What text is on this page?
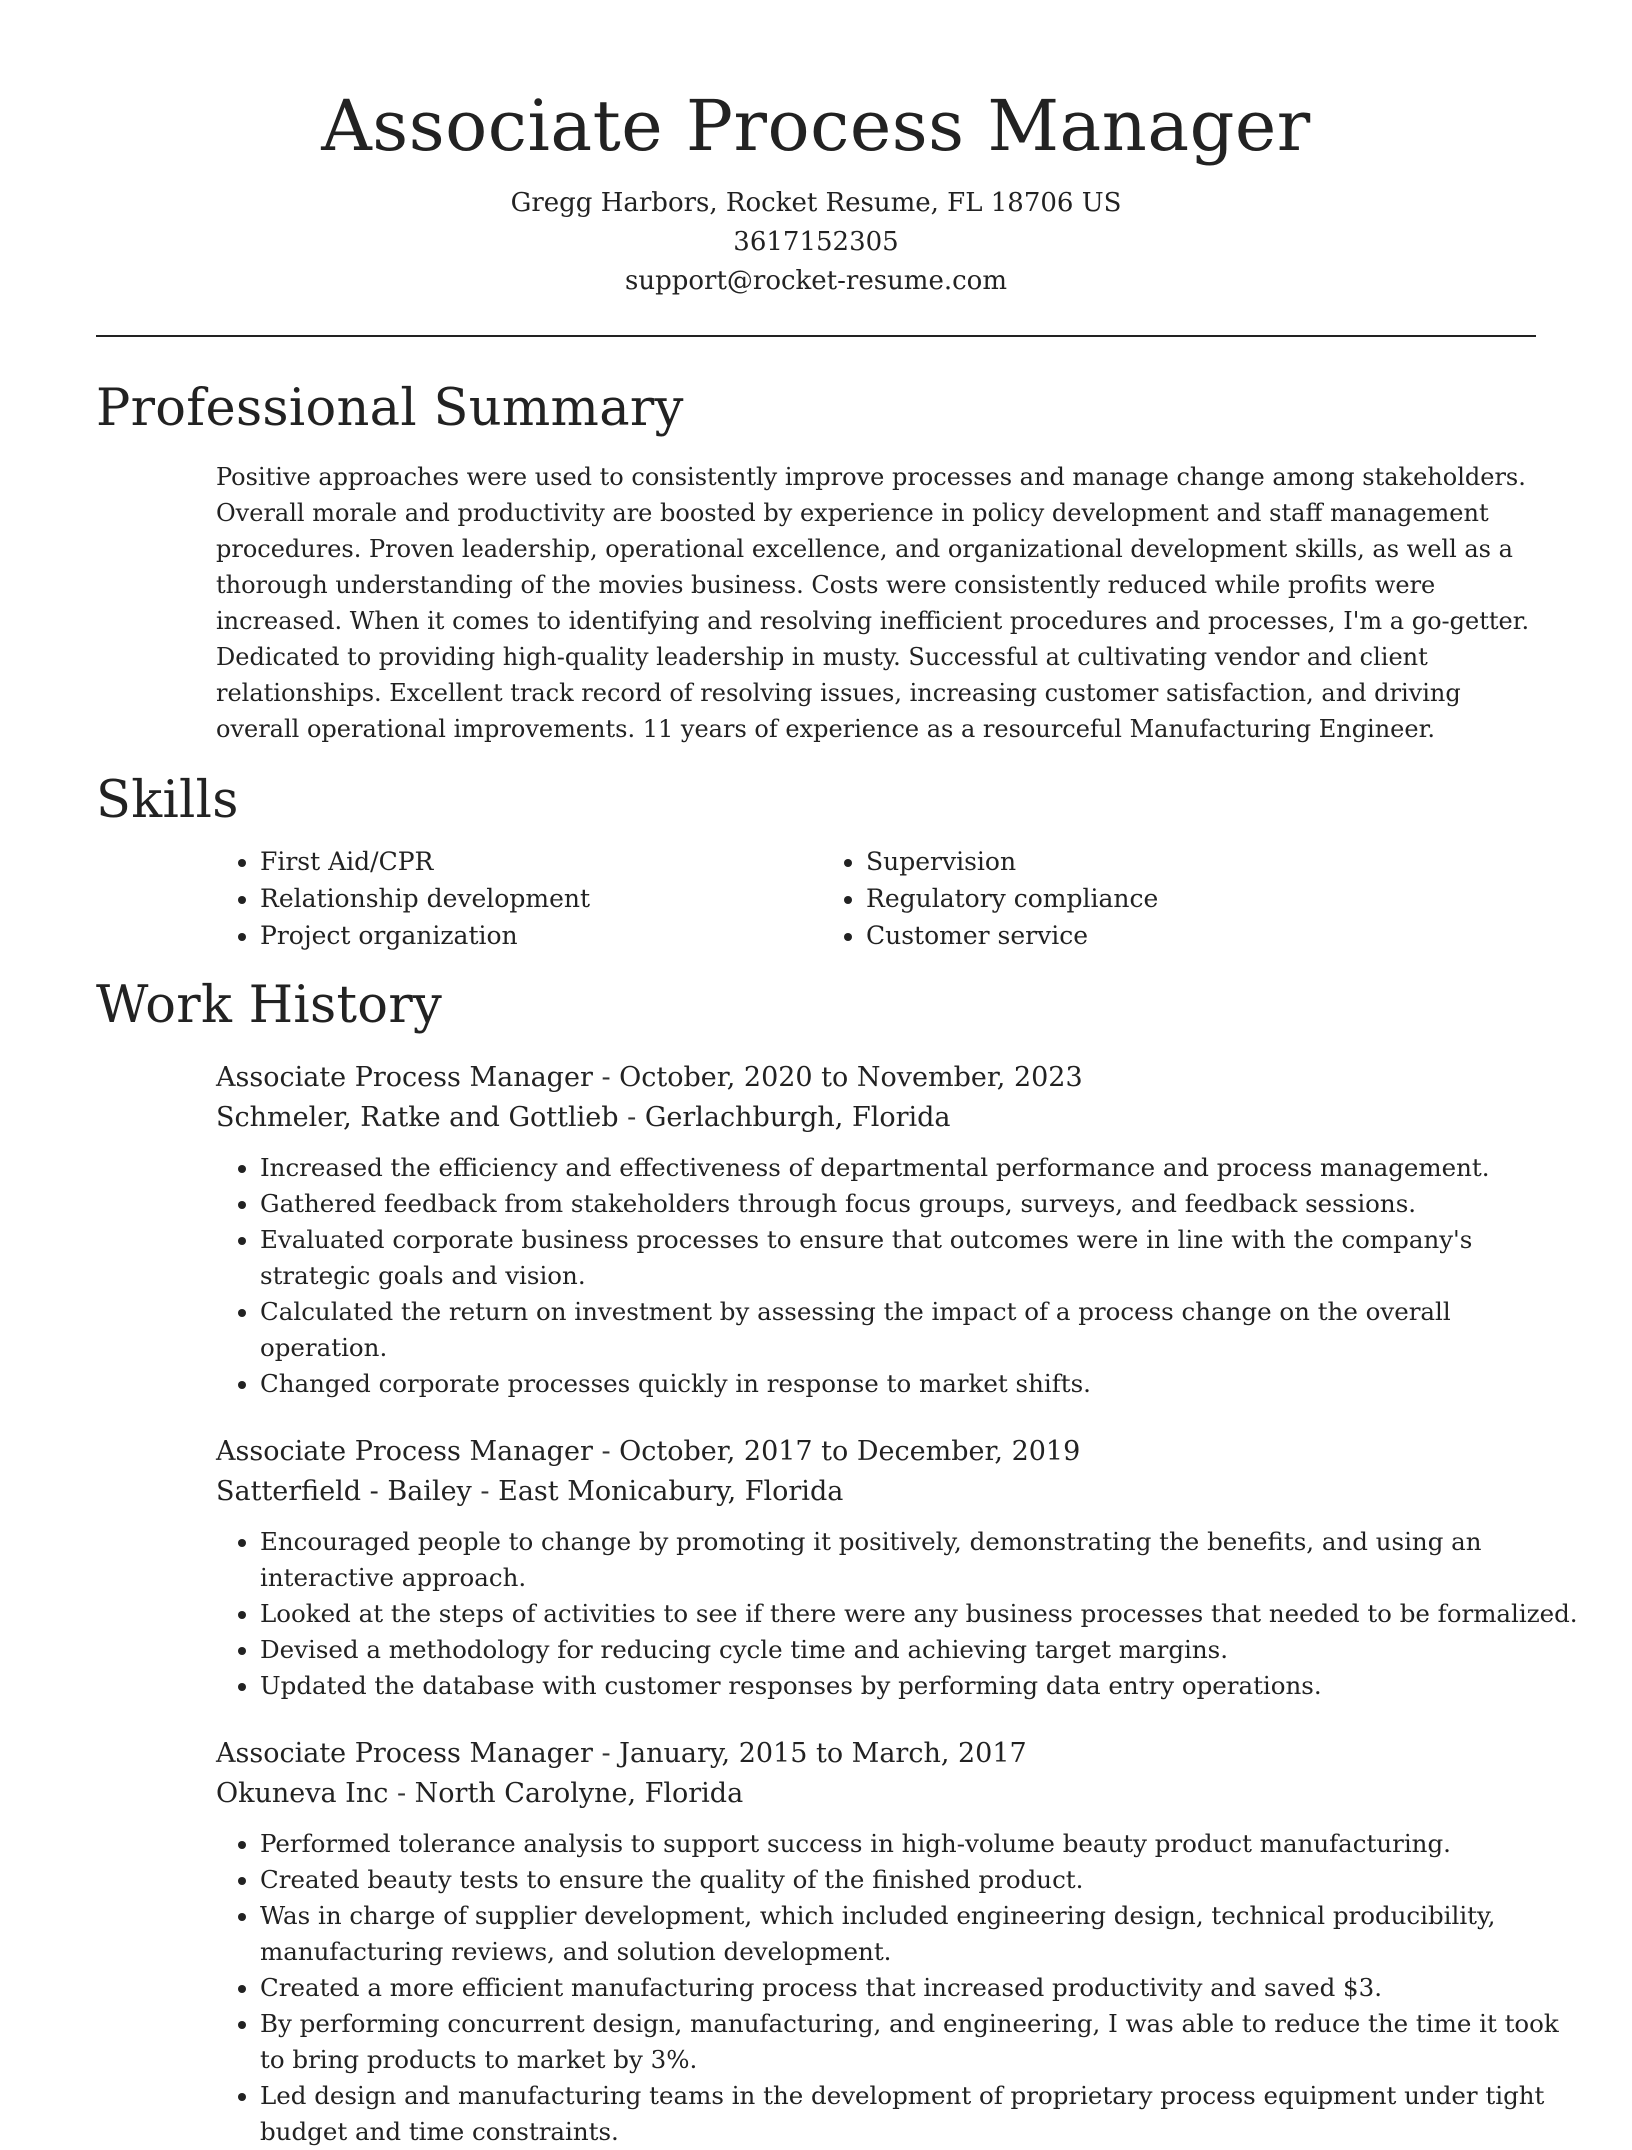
Associate Process Manager
Gregg Harbors, Rocket Resume, FL 18706 US
3617152305
support@rocket-resume.com
Professional Summary

Positive approaches were used to consistently improve processes and manage change among stakeholders. Overall morale and productivity are boosted by experience in policy development and staff management procedures. Proven leadership, operational excellence, and organizational development skills, as well as a thorough understanding of the movies business. Costs were consistently reduced while profits were increased. When it comes to identifying and resolving inefficient procedures and processes, I'm a go-getter. Dedicated to providing high-quality leadership in musty. Successful at cultivating vendor and client relationships. Excellent track record of resolving issues, increasing customer satisfaction, and driving overall operational improvements. 11 years of experience as a resourceful Manufacturing Engineer.

Skills
• First Aid/CPR
• Relationship development
• Project organization
• Supervision
• Regulatory compliance
• Customer service
Work History
Associate Process Manager - October, 2020 to November, 2023
Schmeler, Ratke and Gottlieb - Gerlachburgh, Florida
• Increased the efficiency and effectiveness of departmental performance and process management.
• Gathered feedback from stakeholders through focus groups, surveys, and feedback sessions.
• Evaluated corporate business processes to ensure that outcomes were in line with the company's strategic goals and vision.
• Calculated the return on investment by assessing the impact of a process change on the overall operation.
• Changed corporate processes quickly in response to market shifts.
Associate Process Manager - October, 2017 to December, 2019
Satterfield - Bailey - East Monicabury, Florida
• Encouraged people to change by promoting it positively, demonstrating the benefits, and using an interactive approach.
• Looked at the steps of activities to see if there were any business processes that needed to be formalized.
• Devised a methodology for reducing cycle time and achieving target margins.
• Updated the database with customer responses by performing data entry operations.
Associate Process Manager - January, 2015 to March, 2017
Okuneva Inc - North Carolyne, Florida
• Performed tolerance analysis to support success in high-volume beauty product manufacturing.
• Created beauty tests to ensure the quality of the finished product.
• Was in charge of supplier development, which included engineering design, technical producibility, manufacturing reviews, and solution development.
• Created a more efficient manufacturing process that increased productivity and saved $3.
• By performing concurrent design, manufacturing, and engineering, I was able to reduce the time it took to bring products to market by 3%.
• Led design and manufacturing teams in the development of proprietary process equipment under tight budget and time constraints.
